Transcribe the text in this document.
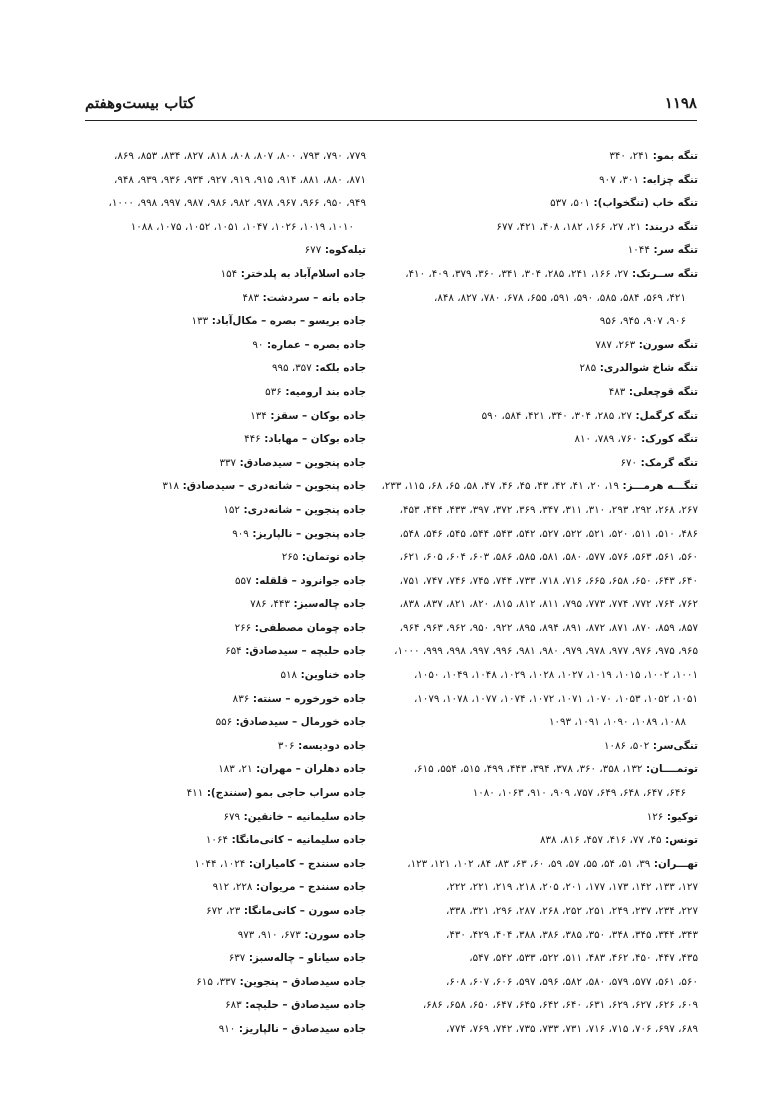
۱۱۹۸
کتاب بیست‌وهفتم
تنگه بمو: ۲۴۱، ۳۴۰
تنگه چزابه: ۳۰۱، ۹۰۷
تنگه خاب (تنگخواب): ۵۰۱، ۵۳۷
تنگه دربند: ۲۱، ۲۷، ۱۶۶، ۱۸۲، ۴۰۸، ۴۲۱، ۶۷۷
تنگه سر: ۱۰۴۴
تنگه ســرتک: ۲۷، ۱۶۶، ۲۴۱، ۲۸۵، ۳۰۴، ۳۴۱، ۳۶۰، ۳۷۹، ۴۰۹، ۴۱۰،
۴۲۱، ۵۶۹، ۵۸۴، ۵۸۵، ۵۹۰، ۵۹۱، ۶۵۵، ۶۷۸، ۷۸۰، ۸۲۷، ۸۴۸،
۹۰۶، ۹۰۷، ۹۴۵، ۹۵۶
تنگه سورن: ۲۶۳، ۷۸۷
تنگه شاخ شوالدری: ۲۸۵
تنگه قوچعلی: ۴۸۳
تنگه کرگمل: ۲۷، ۲۸۵، ۳۰۴، ۳۴۰، ۴۲۱، ۵۸۴، ۵۹۰
تنگه کورک: ۷۶۰، ۷۸۹، ۸۱۰
تنگه گرمک: ۶۷۰
تنگـــه هرمـــز: ۱۹، ۲۰، ۴۱، ۴۲، ۴۳، ۴۵، ۴۶، ۴۷، ۵۸، ۶۵، ۶۸، ۱۱۵، ۲۳۳،
۲۶۷، ۲۶۸، ۲۹۲، ۲۹۳، ۳۱۰، ۳۱۱، ۳۴۷، ۳۶۹، ۳۷۲، ۳۹۷، ۴۳۳، ۴۴۴، ۴۵۳،
۴۸۶، ۵۱۰، ۵۱۱، ۵۲۰، ۵۲۱، ۵۲۲، ۵۲۷، ۵۴۲، ۵۴۳، ۵۴۴، ۵۴۵، ۵۴۶، ۵۴۸،
۵۶۰، ۵۶۱، ۵۶۳، ۵۷۶، ۵۷۷، ۵۸۰، ۵۸۱، ۵۸۵، ۵۸۶، ۶۰۳، ۶۰۴، ۶۰۵، ۶۲۱،
۶۴۰، ۶۴۳، ۶۵۰، ۶۵۸، ۶۶۵، ۷۱۶، ۷۱۸، ۷۳۳، ۷۴۴، ۷۴۵، ۷۴۶، ۷۴۷، ۷۵۱،
۷۶۲، ۷۶۴، ۷۷۲، ۷۷۴، ۷۷۳، ۷۹۵، ۸۱۱، ۸۱۲، ۸۱۵، ۸۲۰، ۸۲۱، ۸۳۷، ۸۳۸،
۸۵۷، ۸۵۹، ۸۷۰، ۸۷۱، ۸۷۲، ۸۹۱، ۸۹۴، ۸۹۵، ۹۲۲، ۹۵۰، ۹۶۲، ۹۶۳، ۹۶۴،
۹۶۵، ۹۷۵، ۹۷۶، ۹۷۷، ۹۷۸، ۹۷۹، ۹۸۰، ۹۸۱، ۹۹۶، ۹۹۷، ۹۹۸، ۹۹۹، ۱۰۰۰،
۱۰۰۱، ۱۰۰۲، ۱۰۱۵، ۱۰۱۹، ۱۰۲۷، ۱۰۲۸، ۱۰۲۹، ۱۰۴۸، ۱۰۴۹، ۱۰۵۰،
۱۰۵۱، ۱۰۵۲، ۱۰۵۳، ۱۰۷۰، ۱۰۷۱، ۱۰۷۲، ۱۰۷۴، ۱۰۷۷، ۱۰۷۸، ۱۰۷۹،
۱۰۸۸، ۱۰۸۹، ۱۰۹۰، ۱۰۹۱، ۱۰۹۳
تنگی‌سر: ۵۰۲، ۱۰۸۶
توتمــــان: ۱۳۲، ۳۵۸، ۳۶۰، ۳۷۸، ۳۹۴، ۴۴۳، ۴۹۹، ۵۱۵، ۵۵۴، ۶۱۵،
۶۴۶، ۶۴۷، ۶۴۸، ۶۴۹، ۷۵۷، ۹۰۹، ۹۱۰، ۱۰۶۳، ۱۰۸۰
توکیو: ۱۲۶
تونس: ۴۵، ۷۷، ۴۱۶، ۴۵۷، ۸۱۶، ۸۳۸
تهـــران: ۳۹، ۵۱، ۵۴، ۵۵، ۵۷، ۵۹، ۶۰، ۶۳، ۸۳، ۸۴، ۱۰۲، ۱۲۱، ۱۲۳،
۱۲۷، ۱۳۳، ۱۴۲، ۱۷۳، ۱۷۷، ۲۰۱، ۲۰۵، ۲۱۸، ۲۱۹، ۲۲۱، ۲۲۲،
۲۲۷، ۲۳۴، ۲۳۷، ۲۴۹، ۲۵۱، ۲۵۲، ۲۶۸، ۲۸۷، ۲۹۶، ۳۲۱، ۳۳۸،
۳۴۳، ۳۴۴، ۳۴۵، ۳۴۸، ۳۵۰، ۳۸۵، ۳۸۶، ۳۸۸، ۴۰۴، ۴۲۹، ۴۳۰،
۴۳۵، ۴۴۷، ۴۵۰، ۴۶۲، ۴۸۳، ۵۱۱، ۵۲۲، ۵۳۳، ۵۴۲، ۵۴۷،
۵۶۰، ۵۶۱، ۵۷۷، ۵۷۹، ۵۸۰، ۵۸۲، ۵۹۶، ۵۹۷، ۶۰۶، ۶۰۷، ۶۰۸،
۶۰۹، ۶۲۶، ۶۲۷، ۶۲۹، ۶۳۱، ۶۴۰، ۶۴۲، ۶۴۵، ۶۴۷، ۶۵۰، ۶۵۸، ۶۸۶،
۶۸۹، ۶۹۷، ۷۰۶، ۷۱۵، ۷۱۶، ۷۳۱، ۷۳۳، ۷۳۵، ۷۴۲، ۷۶۹، ۷۷۴،
۷۷۹، ۷۹۰، ۷۹۳، ۸۰۰، ۸۰۷، ۸۰۸، ۸۱۸، ۸۲۷، ۸۳۴، ۸۵۳، ۸۶۹،
۸۷۱، ۸۸۰، ۸۸۱، ۹۱۴، ۹۱۵، ۹۱۹، ۹۲۷، ۹۳۴، ۹۳۶، ۹۳۹، ۹۴۸،
۹۴۹، ۹۵۰، ۹۶۶، ۹۶۷، ۹۷۸، ۹۸۲، ۹۸۶، ۹۸۷، ۹۹۷، ۹۹۸، ۱۰۰۰،
۱۰۱۰، ۱۰۱۹، ۱۰۲۶، ۱۰۴۷، ۱۰۵۱، ۱۰۵۲، ۱۰۷۵، ۱۰۸۸
تیله‌کوه: ۶۷۷
جاده اسلام‌آباد به پلدختر: ۱۵۴
جاده بانه – سردشت: ۴۸۳
جاده بریسو – بصره – مکال‌آباد: ۱۳۳
جاده بصره – عماره: ۹۰
جاده بلکه: ۳۵۷، ۹۹۵
جاده بند ارومیه: ۵۳۶
جاده بوکان – سقز: ۱۳۴
جاده بوکان – مهاباد: ۴۴۶
جاده پنجوین – سیدصادق: ۳۳۷
جاده پنجوین – شانه‌دری – سیدصادق: ۳۱۸
جاده پنجوین – شانه‌دری: ۱۵۲
جاده پنجوین – نالپاریز: ۹۰۹
جاده توتمان: ۲۶۵
جاده جوانرود – قلقله: ۵۵۷
جاده چاله‌سبز: ۴۴۳، ۷۸۶
جاده چومان مصطفی: ۲۶۶
جاده حلبچه – سیدصادق: ۶۵۴
جاده خناوین: ۵۱۸
جاده خورخوره – سنته: ۸۳۶
جاده خورمال – سیدصادق: ۵۵۶
جاده دودیسه: ۳۰۶
جاده دهلران – مهران: ۲۱، ۱۸۳
جاده سراب حاجی بمو (سنندج): ۴۱۱
جاده سلیمانیه – خانقین: ۶۷۹
جاده سلیمانیه – کانی‌مانگا: ۱۰۶۴
جاده سنندج – کامیاران: ۱۰۲۴، ۱۰۴۴
جاده سنندج – مریوان: ۲۲۸، ۹۱۲
جاده سورن – کانی‌مانگا: ۲۳، ۶۷۲
جاده سورن: ۶۷۳، ۹۱۰، ۹۷۳
جاده سیاناو – چاله‌سبز: ۶۳۷
جاده سیدصادق – پنجوین: ۳۳۷، ۶۱۵
جاده سیدصادق – حلبچه: ۶۸۳
جاده سیدصادق – نالپاریز: ۹۱۰
